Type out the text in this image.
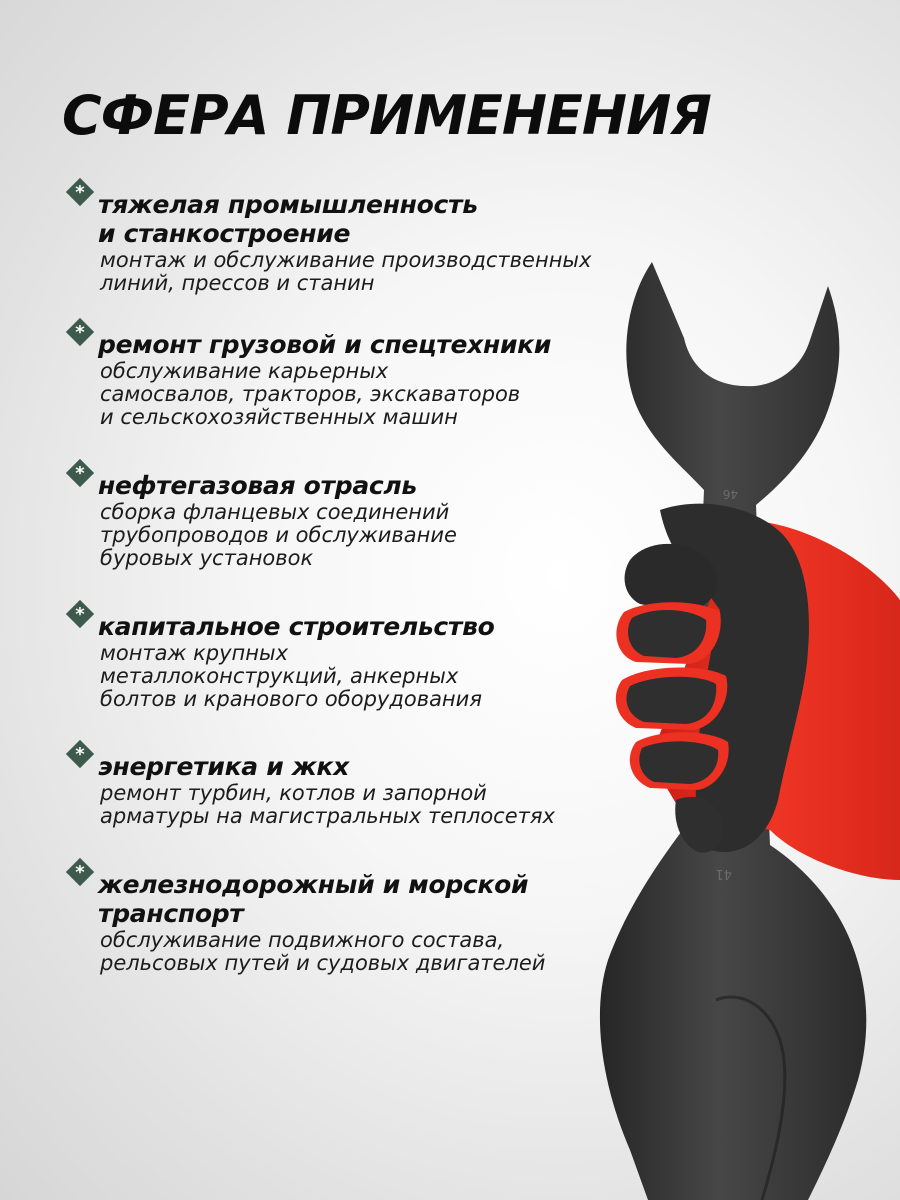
46
41
СФЕРА ПРИМЕНЕНИЯ
* тяжелая промышленность
и станкостроение
монтаж и обслуживание производственных
линий, прессов и станин
* ремонт грузовой и спецтехники
обслуживание карьерных
самосвалов, тракторов, экскаваторов
и сельскохозяйственных машин
* нефтегазовая отрасль
сборка фланцевых соединений
трубопроводов и обслуживание
буровых установок
* капитальное строительство
монтаж крупных
металлоконструкций, анкерных
болтов и кранового оборудования
* энергетика и жкх
ремонт турбин, котлов и запорной
арматуры на магистральных теплосетях
* железнодорожный и морской
транспорт
обслуживание подвижного состава,
рельсовых путей и судовых двигателей
